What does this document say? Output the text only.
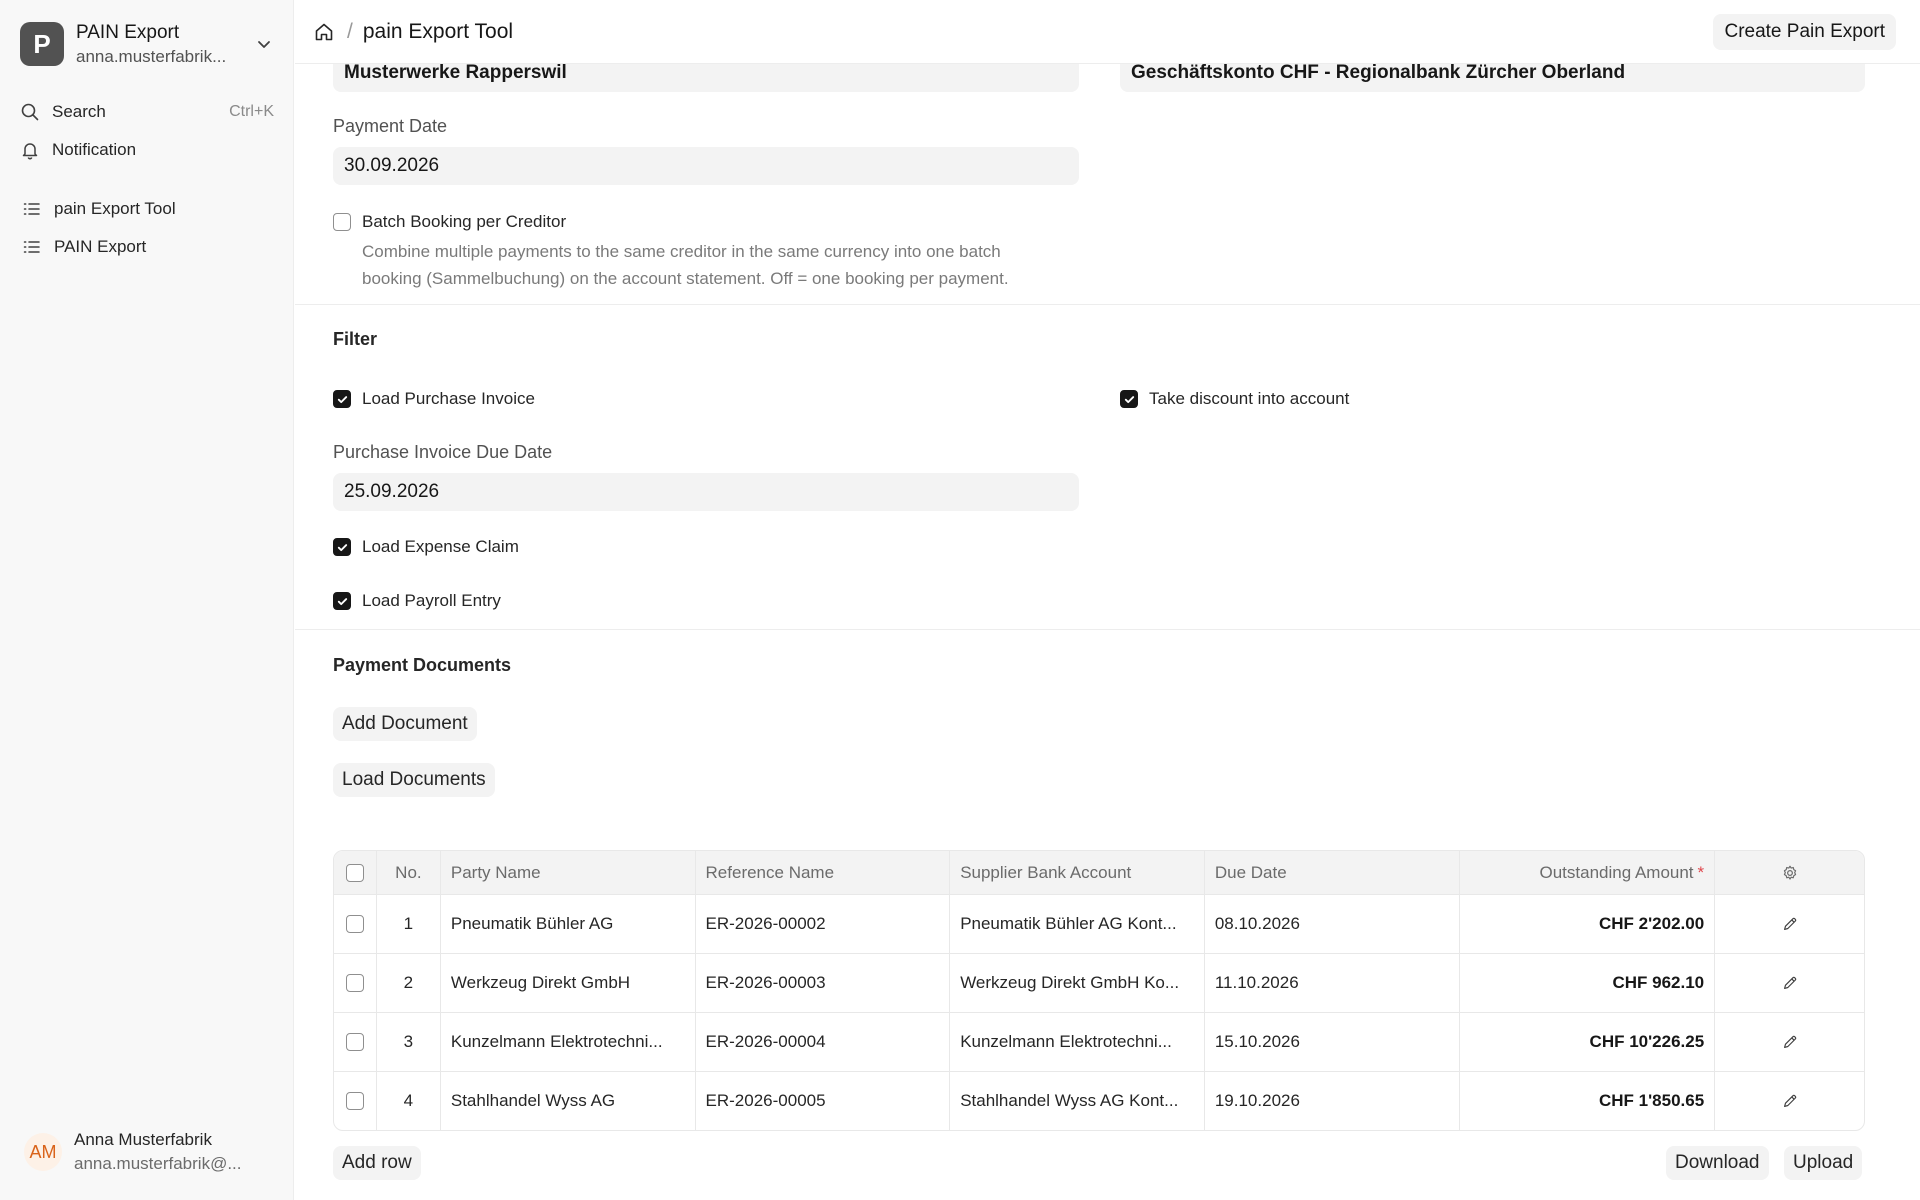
P	PAIN Export
anna.musterfabrik...
Search	Ctrl+K
Notification
pain Export Tool
PAIN Export
AM
Anna Musterfabrik
anna.musterfabrik@...
/ pain Export Tool	Create Pain Export
Musterwerke Rapperswil	Geschäftskonto CHF - Regionalbank Zürcher Oberland
Payment Date
30.09.2026
Batch Booking per Creditor
Combine multiple payments to the same creditor in the same currency into one batch
booking (Sammelbuchung) on the account statement. Off = one booking per payment.
Filter
Load Purchase Invoice	Take discount into account
Purchase Invoice Due Date
25.09.2026
Load Expense Claim
Load Payroll Entry
Payment Documents
Add Document
Load Documents
No.	Party Name	Reference Name	Supplier Bank Account	Due Date	Outstanding Amount *
1	Pneumatik Bühler AG	ER-2026-00002	Pneumatik Bühler AG Kont...	08.10.2026	CHF 2'202.00
2	Werkzeug Direkt GmbH	ER-2026-00003	Werkzeug Direkt GmbH Ko...	11.10.2026	CHF 962.10
3	Kunzelmann Elektrotechni...	ER-2026-00004	Kunzelmann Elektrotechni...	15.10.2026	CHF 10'226.25
4	Stahlhandel Wyss AG	ER-2026-00005	Stahlhandel Wyss AG Kont...	19.10.2026	CHF 1'850.65
Add row	Download	Upload
